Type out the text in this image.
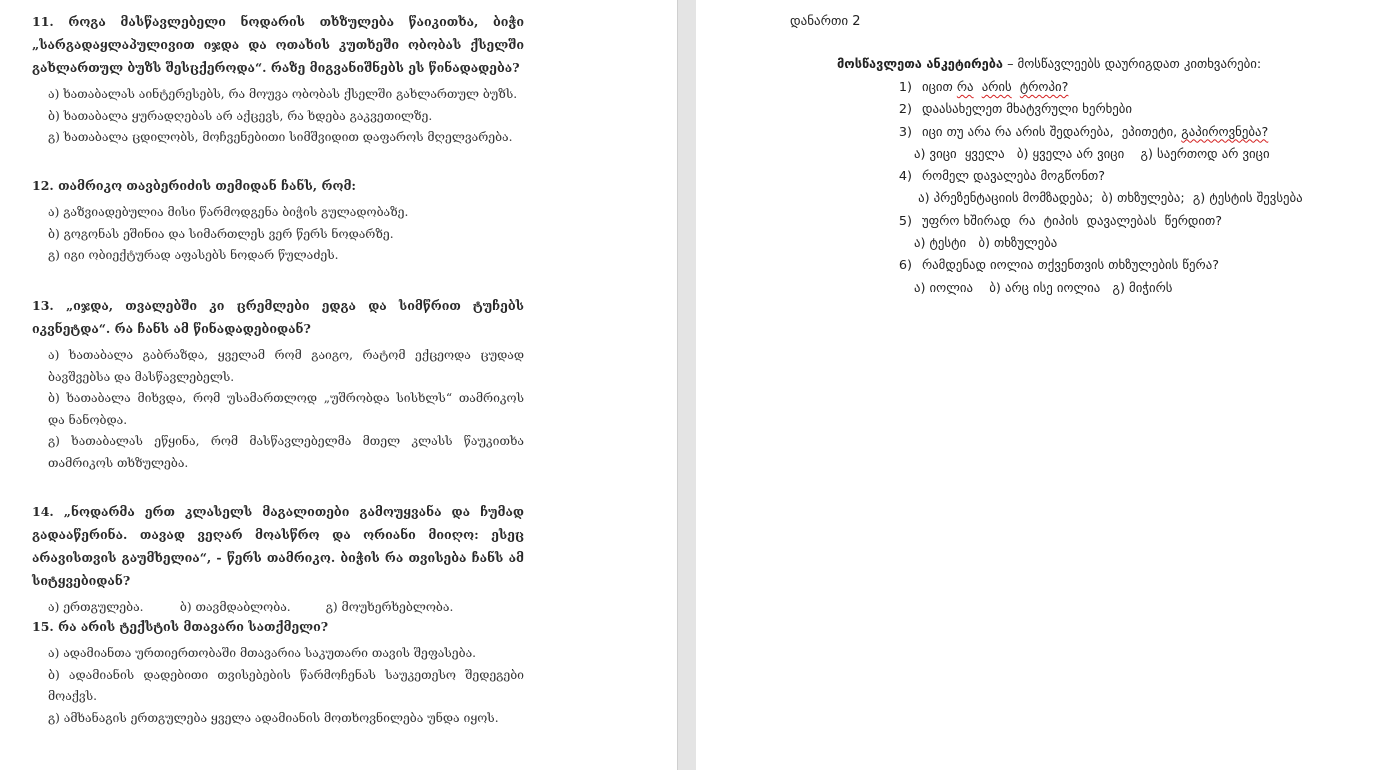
11. როგა მასწავლებელი ნოდარის თხზულება წაიკითხა, ბიჭი „სარგადაყლაპულივით იჯდა და ოთახის კუთხეში ობობას ქსელში გახლართულ ბუზს შესცქეროდა“. რაზე მიგვანიშნებს ეს წინადადება?
ა) ხათაბალას აინტერესებს, რა მოუვა ობობას ქსელში გახლართულ ბუზს.
ბ) ხათაბალა ყურადღებას არ აქცევს, რა ხდება გაკვეთილზე.
გ) ხათაბალა ცდილობს, მოჩვენებითი სიმშვიდით დაფაროს მღელვარება.
12. თამრიკო თავბერიძის თემიდან ჩანს, რომ:
ა) გაზვიადებულია მისი წარმოდგენა ბიჭის გულადობაზე.
ბ) გოგონას ეშინია და სიმართლეს ვერ წერს ნოდარზე.
გ) იგი ობიექტურად აფასებს ნოდარ წულაძეს.
13. „იჯდა, თვალებში კი ცრემლები ედგა და სიმწრით ტუჩებს იკვნეტდა“. რა ჩანს ამ წინადადებიდან?
ა) ხათაბალა გაბრაზდა, ყველამ რომ გაიგო, რატომ ექცეოდა ცუდად ბავშვებსა და მასწავლებელს.
ბ) ხათაბალა მიხვდა, რომ უსამართლოდ „უშრობდა სისხლს“ თამრიკოს და ნანობდა.
გ) ხათაბალას ეწყინა, რომ მასწავლებელმა მთელ კლასს წაუკითხა თამრიკოს თხზულება.
14. „ნოდარმა ერთ კლასელს მაგალითები გამოუყვანა და ჩუმად გადააწერინა. თავად ვეღარ მოასწრო და ორიანი მიიღო: ესეც არავისთვის გაუმხელია“, - წერს თამრიკო. ბიჭის რა თვისება ჩანს ამ სიტყვებიდან?
ა) ერთგულება.	ბ) თავმდაბლობა.	გ) მოუხერხებლობა.
15. რა არის ტექსტის მთავარი სათქმელი?
ა) ადამიანთა ურთიერთობაში მთავარია საკუთარი თავის შეფასება.
ბ) ადამიანის დადებითი თვისებების წარმოჩენას საუკეთესო შედეგები მოაქვს.
გ) ამხანაგის ერთგულება ყველა ადამიანის მოთხოვნილება უნდა იყოს.
დანართი 2
მოსწავლეთა ანკეტირება – მოსწავლეებს დაურიგდათ კითხვარები:
1) იცით რა არის ტროპი?
2) დაასახელეთ მხატვრული ხერხები
3) იცი თუ არა რა არის შედარება,  ეპითეტი, გაპიროვნება?
ა) ვიცი  ყველა   ბ) ყველა არ ვიცი    გ) საერთოდ არ ვიცი
4) რომელ დავალება მოგწონთ?
ა) პრეზენტაციის მომზადება;  ბ) თხზულება;  გ) ტესტის შევსება
5) უფრო ხშირად  რა  ტიპის  დავალებას  წერდით?
ა) ტესტი   ბ) თხზულება
6) რამდენად იოლია თქვენთვის თხზულების წერა?
ა) იოლია    ბ) არც ისე იოლია   გ) მიჭირს
